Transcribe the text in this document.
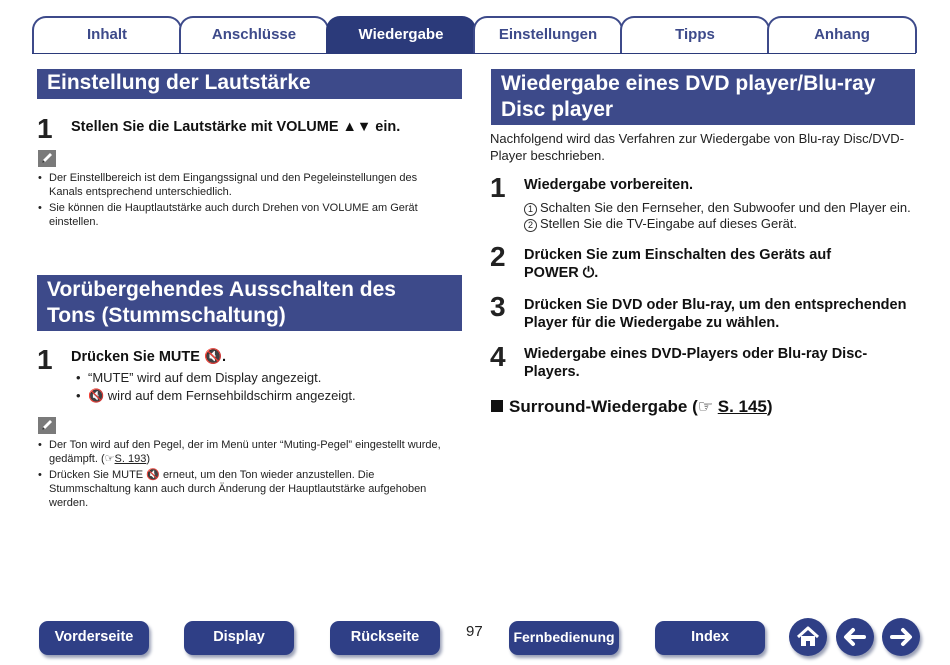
Inhalt	Anschlüsse	Wiedergabe	Einstellungen	Tipps	Anhang
Einstellung der Lautstärke
1 Stellen Sie die Lautstärke mit VOLUME ▲▼ ein.
• Der Einstellbereich ist dem Eingangssignal und den Pegeleinstellungen des Kanals entsprechend unterschiedlich.
• Sie können die Hauptlautstärke auch durch Drehen von VOLUME am Gerät einstellen.
Vorübergehendes Ausschalten des
Tons (Stummschaltung)
1 Drücken Sie MUTE 🔇.
• “MUTE” wird auf dem Display angezeigt.
• 🔇 wird auf dem Fernsehbildschirm angezeigt.
• Der Ton wird auf den Pegel, der im Menü unter “Muting-Pegel” eingestellt wurde, gedämpft. (☞S. 193)
• Drücken Sie MUTE 🔇 erneut, um den Ton wieder anzustellen. Die Stummschaltung kann auch durch Änderung der Hauptlautstärke aufgehoben werden.
Wiedergabe eines DVD player/Blu-ray
Disc player
Nachfolgend wird das Verfahren zur Wiedergabe von Blu-ray Disc/DVD-Player beschrieben.
1 Wiedergabe vorbereiten.
1 Schalten Sie den Fernseher, den Subwoofer und den Player ein.
2 Stellen Sie die TV-Eingabe auf dieses Gerät.
2 Drücken Sie zum Einschalten des Geräts auf POWER ⏻.
3 Drücken Sie DVD oder Blu-ray, um den entsprechenden Player für die Wiedergabe zu wählen.
4 Wiedergabe eines DVD-Players oder Blu-ray Disc-Players.
Surround-Wiedergabe (☞ S. 145)
Vorderseite	Display	Rückseite	97	Fernbedienung	Index
